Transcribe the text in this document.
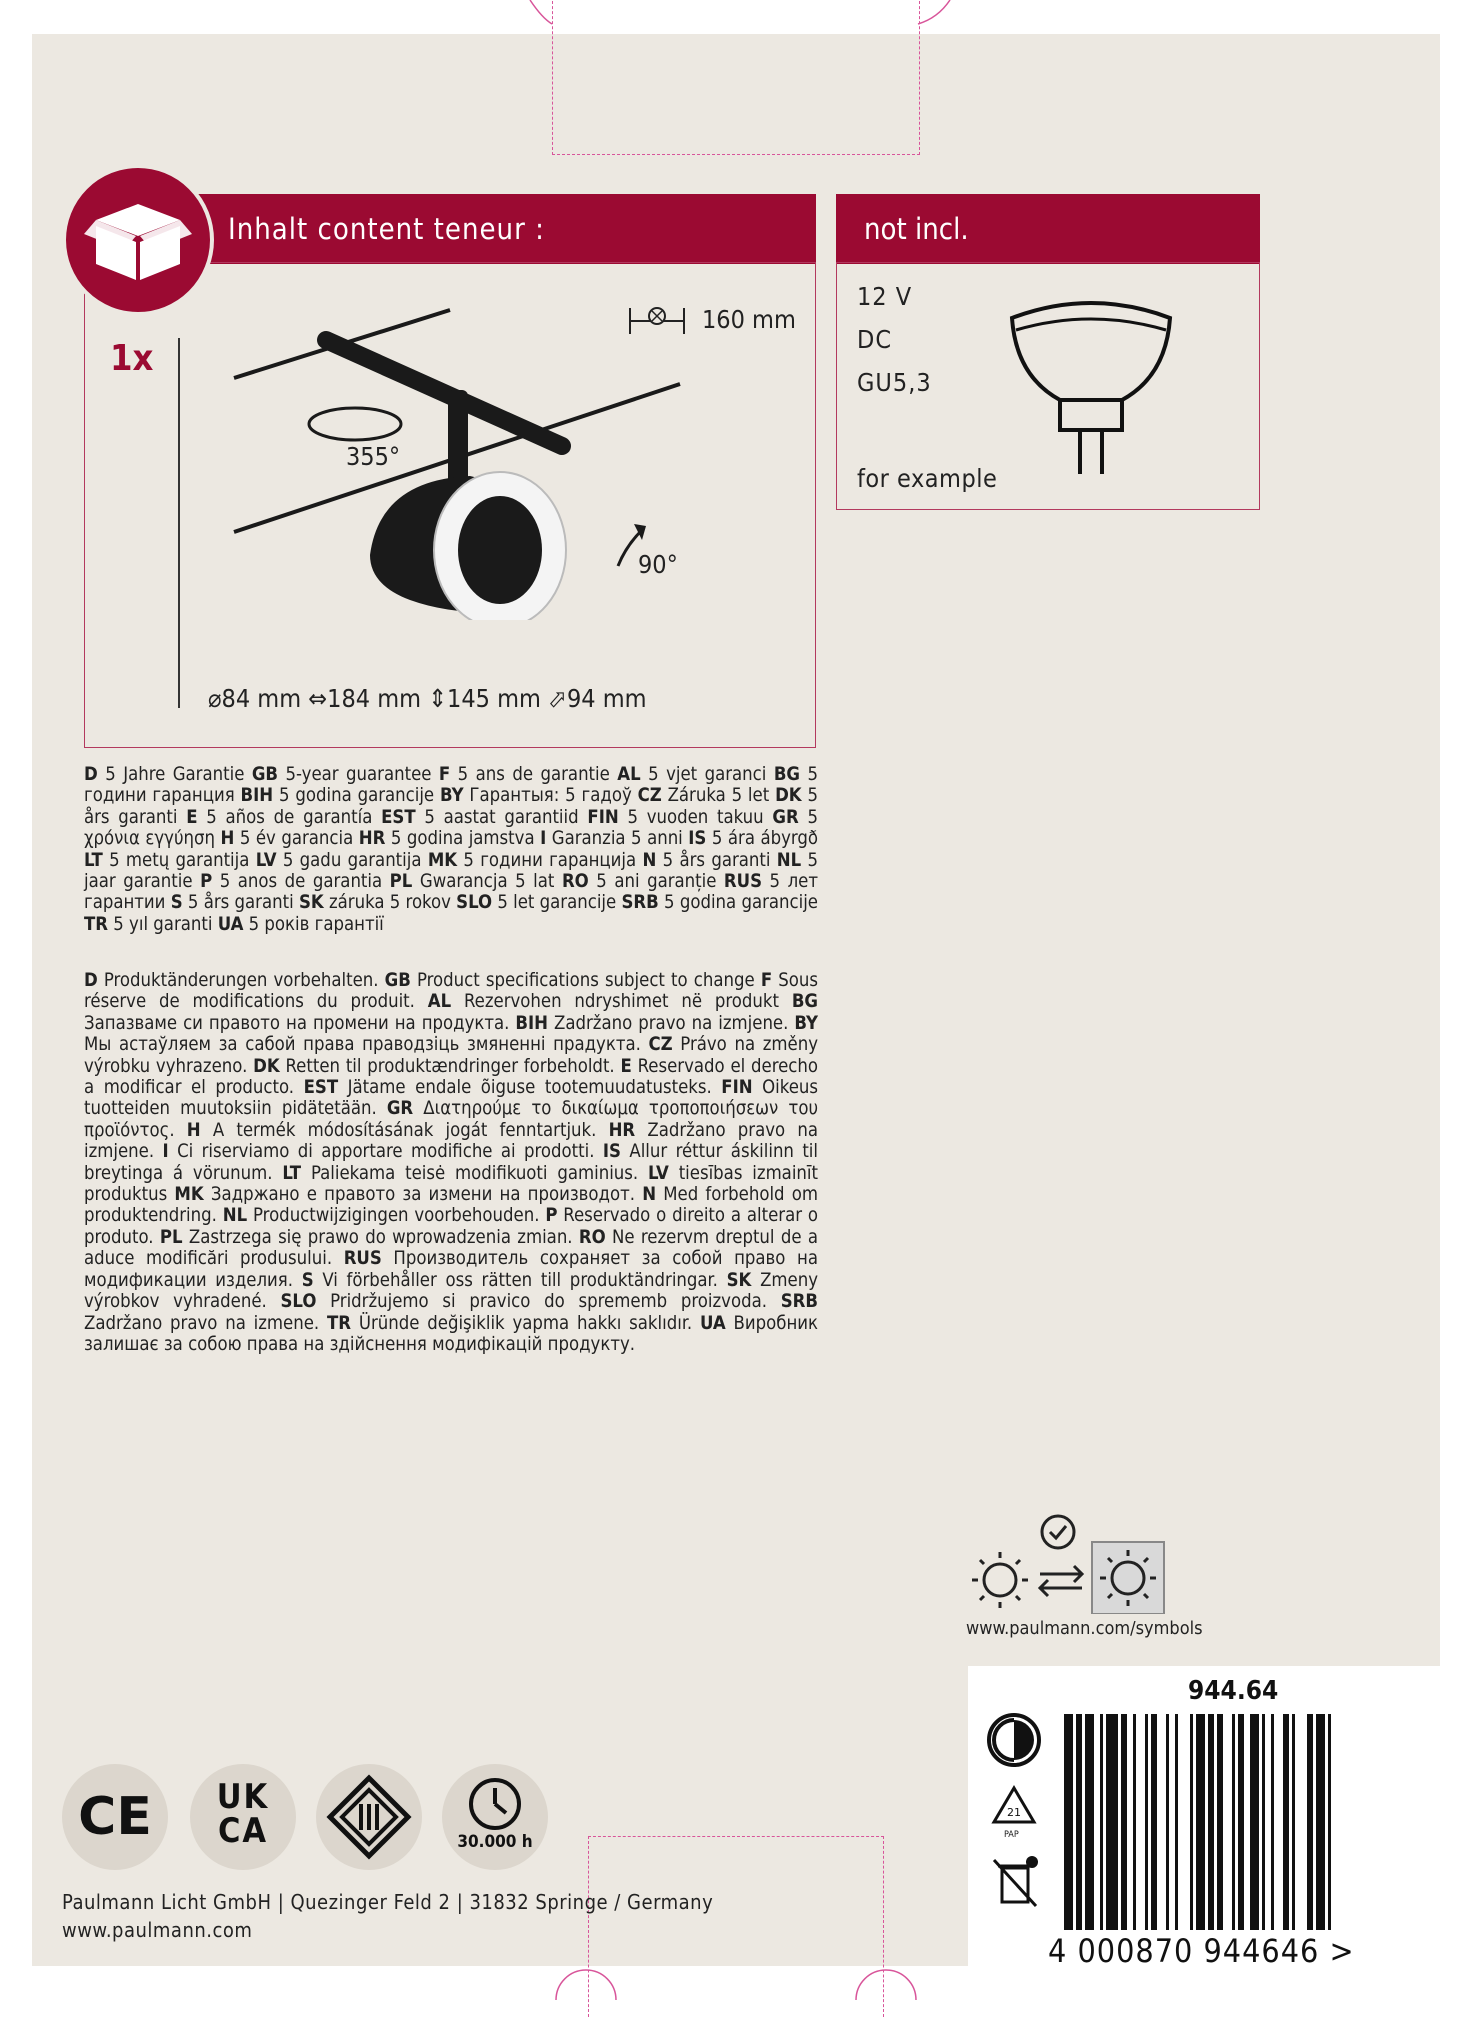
Inhalt content teneur :
1x
160 mm
355°
90°
⌀84 mm ⇔184 mm ⇕145 mm ⬀94 mm
not incl.
12 V
DC
GU5,3
for example
D 5 Jahre Garantie GB 5-year guarantee F 5 ans de garantie AL 5 vjet garanci BG 5 години гаранция BIH 5 godina garancije BY Гарантыя: 5 гадоў CZ Záruka 5 let DK 5 års garanti E 5 años de garantía EST 5 aastat garantiid FIN 5 vuoden takuu GR 5 χρόνια εγγύηση H 5 év garancia HR 5 godina jamstva I Garanzia 5 anni IS 5 ára ábyrgð LT 5 metų garantija LV 5 gadu garantija MK 5 години гаранција N 5 års garanti NL 5 jaar garantie P 5 anos de garantia PL Gwarancja 5 lat RO 5 ani garanție RUS 5 лет гарантии S 5 års garanti SK záruka 5 rokov SLO 5 let garancije SRB 5 godina garancije TR 5 yıl garanti UA 5 років гарантії
D Produktänderungen vorbehalten. GB Product specifications subject to change F Sous réserve de modifications du produit. AL Rezervohen ndryshimet në produkt BG Запазваме си правото на промени на продукта. BIH Zadržano pravo na izmjene. BY Мы астаўляем за сабой права праводзіць змяненні прадукта. CZ Právo na změny výrobku vyhrazeno. DK Retten til produktændringer forbeholdt. E Reservado el derecho a modificar el producto. EST Jätame endale õiguse tootemuudatusteks. FIN Oikeus tuotteiden muutoksiin pidätetään. GR Διατηρούμε το δικαίωμα τροποποιήσεων του προϊόντος. H A termék módosításának jogát fenntartjuk. HR Zadržano pravo na izmjene. I Ci riserviamo di apportare modifiche ai prodotti. IS Allur réttur áskilinn til breytinga á vörunum. LT Paliekama teisė modifikuoti gaminius. LV tiesības izmainīt produktus MK Задржано е правото за измени на производот. N Med forbehold om produktendring. NL Productwijzigingen voorbehouden. P Reservado o direito a alterar o produto. PL Zastrzega się prawo do wprowadzenia zmian. RO Ne rezervm dreptul de a aduce modificări produsului. RUS Производитель сохраняет за собой право на модификации изделия. S Vi förbehåller oss rätten till produktändringar. SK Zmeny výrobkov vyhradené. SLO Pridržujemo si pravico do sprememb proizvoda. SRB Zadržano pravo na izmene. TR Üründe değişiklik yapma hakkı saklıdır. UA Виробник залишає за собою права на здійснення модифікацій продукту.
www.paulmann.com/symbols
944.64
21
PAP
4 000870 944646 >
CE	UK
CA	30.000 h
Paulmann Licht GmbH | Quezinger Feld 2 | 31832 Springe / Germany
www.paulmann.com
